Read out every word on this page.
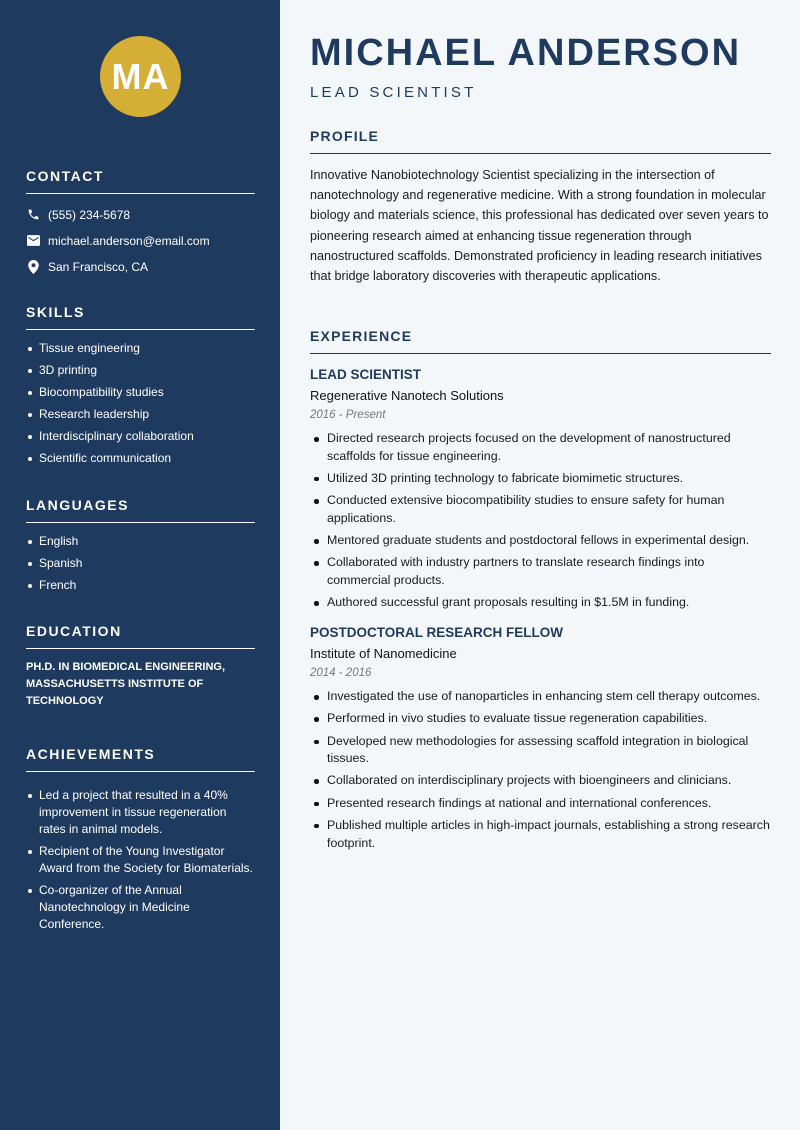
MA
CONTACT
(555) 234-5678
michael.anderson@email.com
San Francisco, CA
SKILLS
Tissue engineering
3D printing
Biocompatibility studies
Research leadership
Interdisciplinary collaboration
Scientific communication
LANGUAGES
English
Spanish
French
EDUCATION

PH.D. IN BIOMEDICAL ENGINEERING, MASSACHUSETTS INSTITUTE OF TECHNOLOGY

ACHIEVEMENTS
Led a project that resulted in a 40% improvement in tissue regeneration rates in animal models.
Recipient of the Young Investigator Award from the Society for Biomaterials.
Co-organizer of the Annual Nanotechnology in Medicine Conference.
MICHAEL ANDERSON
LEAD SCIENTIST
PROFILE

Innovative Nanobiotechnology Scientist specializing in the intersection of nanotechnology and regenerative medicine. With a strong foundation in molecular biology and materials science, this professional has dedicated over seven years to pioneering research aimed at enhancing tissue regeneration through nanostructured scaffolds. Demonstrated proficiency in leading research initiatives that bridge laboratory discoveries with therapeutic applications.

EXPERIENCE
LEAD SCIENTIST
Regenerative Nanotech Solutions
2016 - Present
Directed research projects focused on the development of nanostructured scaffolds for tissue engineering.
Utilized 3D printing technology to fabricate biomimetic structures.
Conducted extensive biocompatibility studies to ensure safety for human applications.
Mentored graduate students and postdoctoral fellows in experimental design.
Collaborated with industry partners to translate research findings into commercial products.
Authored successful grant proposals resulting in $1.5M in funding.
POSTDOCTORAL RESEARCH FELLOW
Institute of Nanomedicine
2014 - 2016
Investigated the use of nanoparticles in enhancing stem cell therapy outcomes.
Performed in vivo studies to evaluate tissue regeneration capabilities.
Developed new methodologies for assessing scaffold integration in biological tissues.
Collaborated on interdisciplinary projects with bioengineers and clinicians.
Presented research findings at national and international conferences.
Published multiple articles in high-impact journals, establishing a strong research footprint.
